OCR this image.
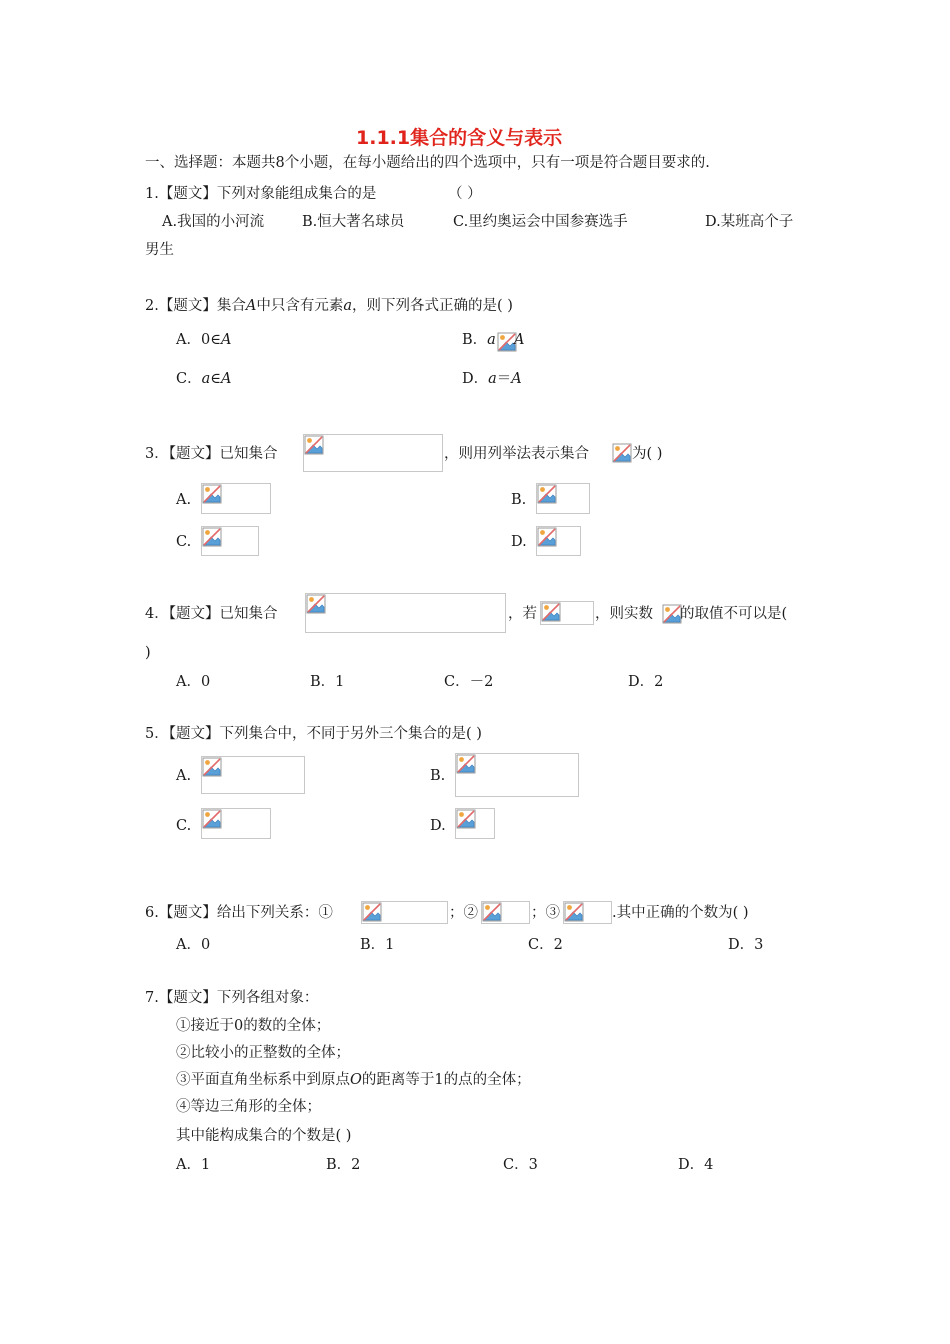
1.1.1集合的含义与表示
一、选择题：本题共8个小题，在每小题给出的四个选项中，只有一项是符合题目要求的.
1.【题文】下列对象能组成集合的是	（ ）
A.我国的小河流	B.恒大著名球员	C.里约奥运会中国参赛选手	D.某班高个子
男生
2.【题文】集合A中只含有元素a，则下列各式正确的是( )
A．0∈A	B．a A
C．a∈A	D．a＝A
3．【题文】已知集合	，则用列举法表示集合	为( )
A.	B.
C.	D.
4．【题文】已知集合	，若	，则实数 的取值不可以是(
)
A．0	B．1	C．－2	D．2
5．【题文】下列集合中，不同于另外三个集合的是( )
A.	B.
C.	D.
6.【题文】给出下列关系：①	；②	；③	.其中正确的个数为( )
A．0	B．1	C．2	D．3
7.【题文】下列各组对象：
①接近于0的数的全体；
②比较小的正整数的全体；
③平面直角坐标系中到原点O的距离等于1的点的全体；
④等边三角形的全体；
其中能构成集合的个数是( )
A．1	B．2	C．3	D．4
